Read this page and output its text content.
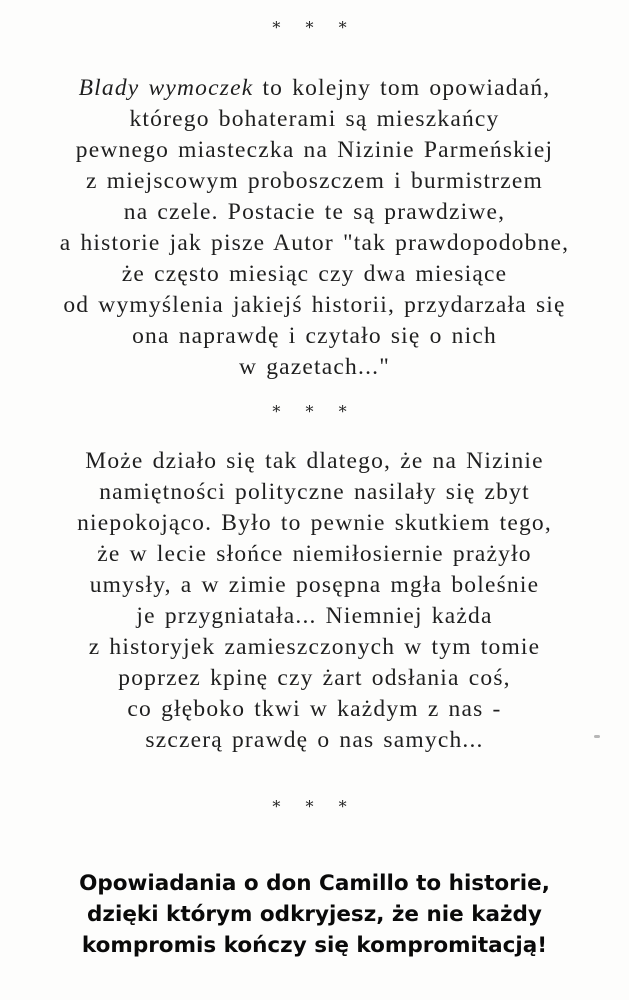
* * *
Blady wymoczek to kolejny tom opowiadań,
którego bohaterami są mieszkańcy
pewnego miasteczka na Nizinie Parmeńskiej
z miejscowym proboszczem i burmistrzem
na czele. Postacie te są prawdziwe,
a historie jak pisze Autor "tak prawdopodobne,
że często miesiąc czy dwa miesiące
od wymyślenia jakiejś historii, przydarzała się
ona naprawdę i czytało się o nich
w gazetach..."
* * *
Może działo się tak dlatego, że na Nizinie
namiętności polityczne nasilały się zbyt
niepokojąco. Było to pewnie skutkiem tego,
że w lecie słońce niemiłosiernie prażyło
umysły, a w zimie posępna mgła boleśnie
je przygniatała... Niemniej każda
z historyjek zamieszczonych w tym tomie
poprzez kpinę czy żart odsłania coś,
co głęboko tkwi w każdym z nas -
szczerą prawdę o nas samych...
* * *
Opowiadania o don Camillo to historie,
dzięki którym odkryjesz, że nie każdy
kompromis kończy się kompromitacją!
